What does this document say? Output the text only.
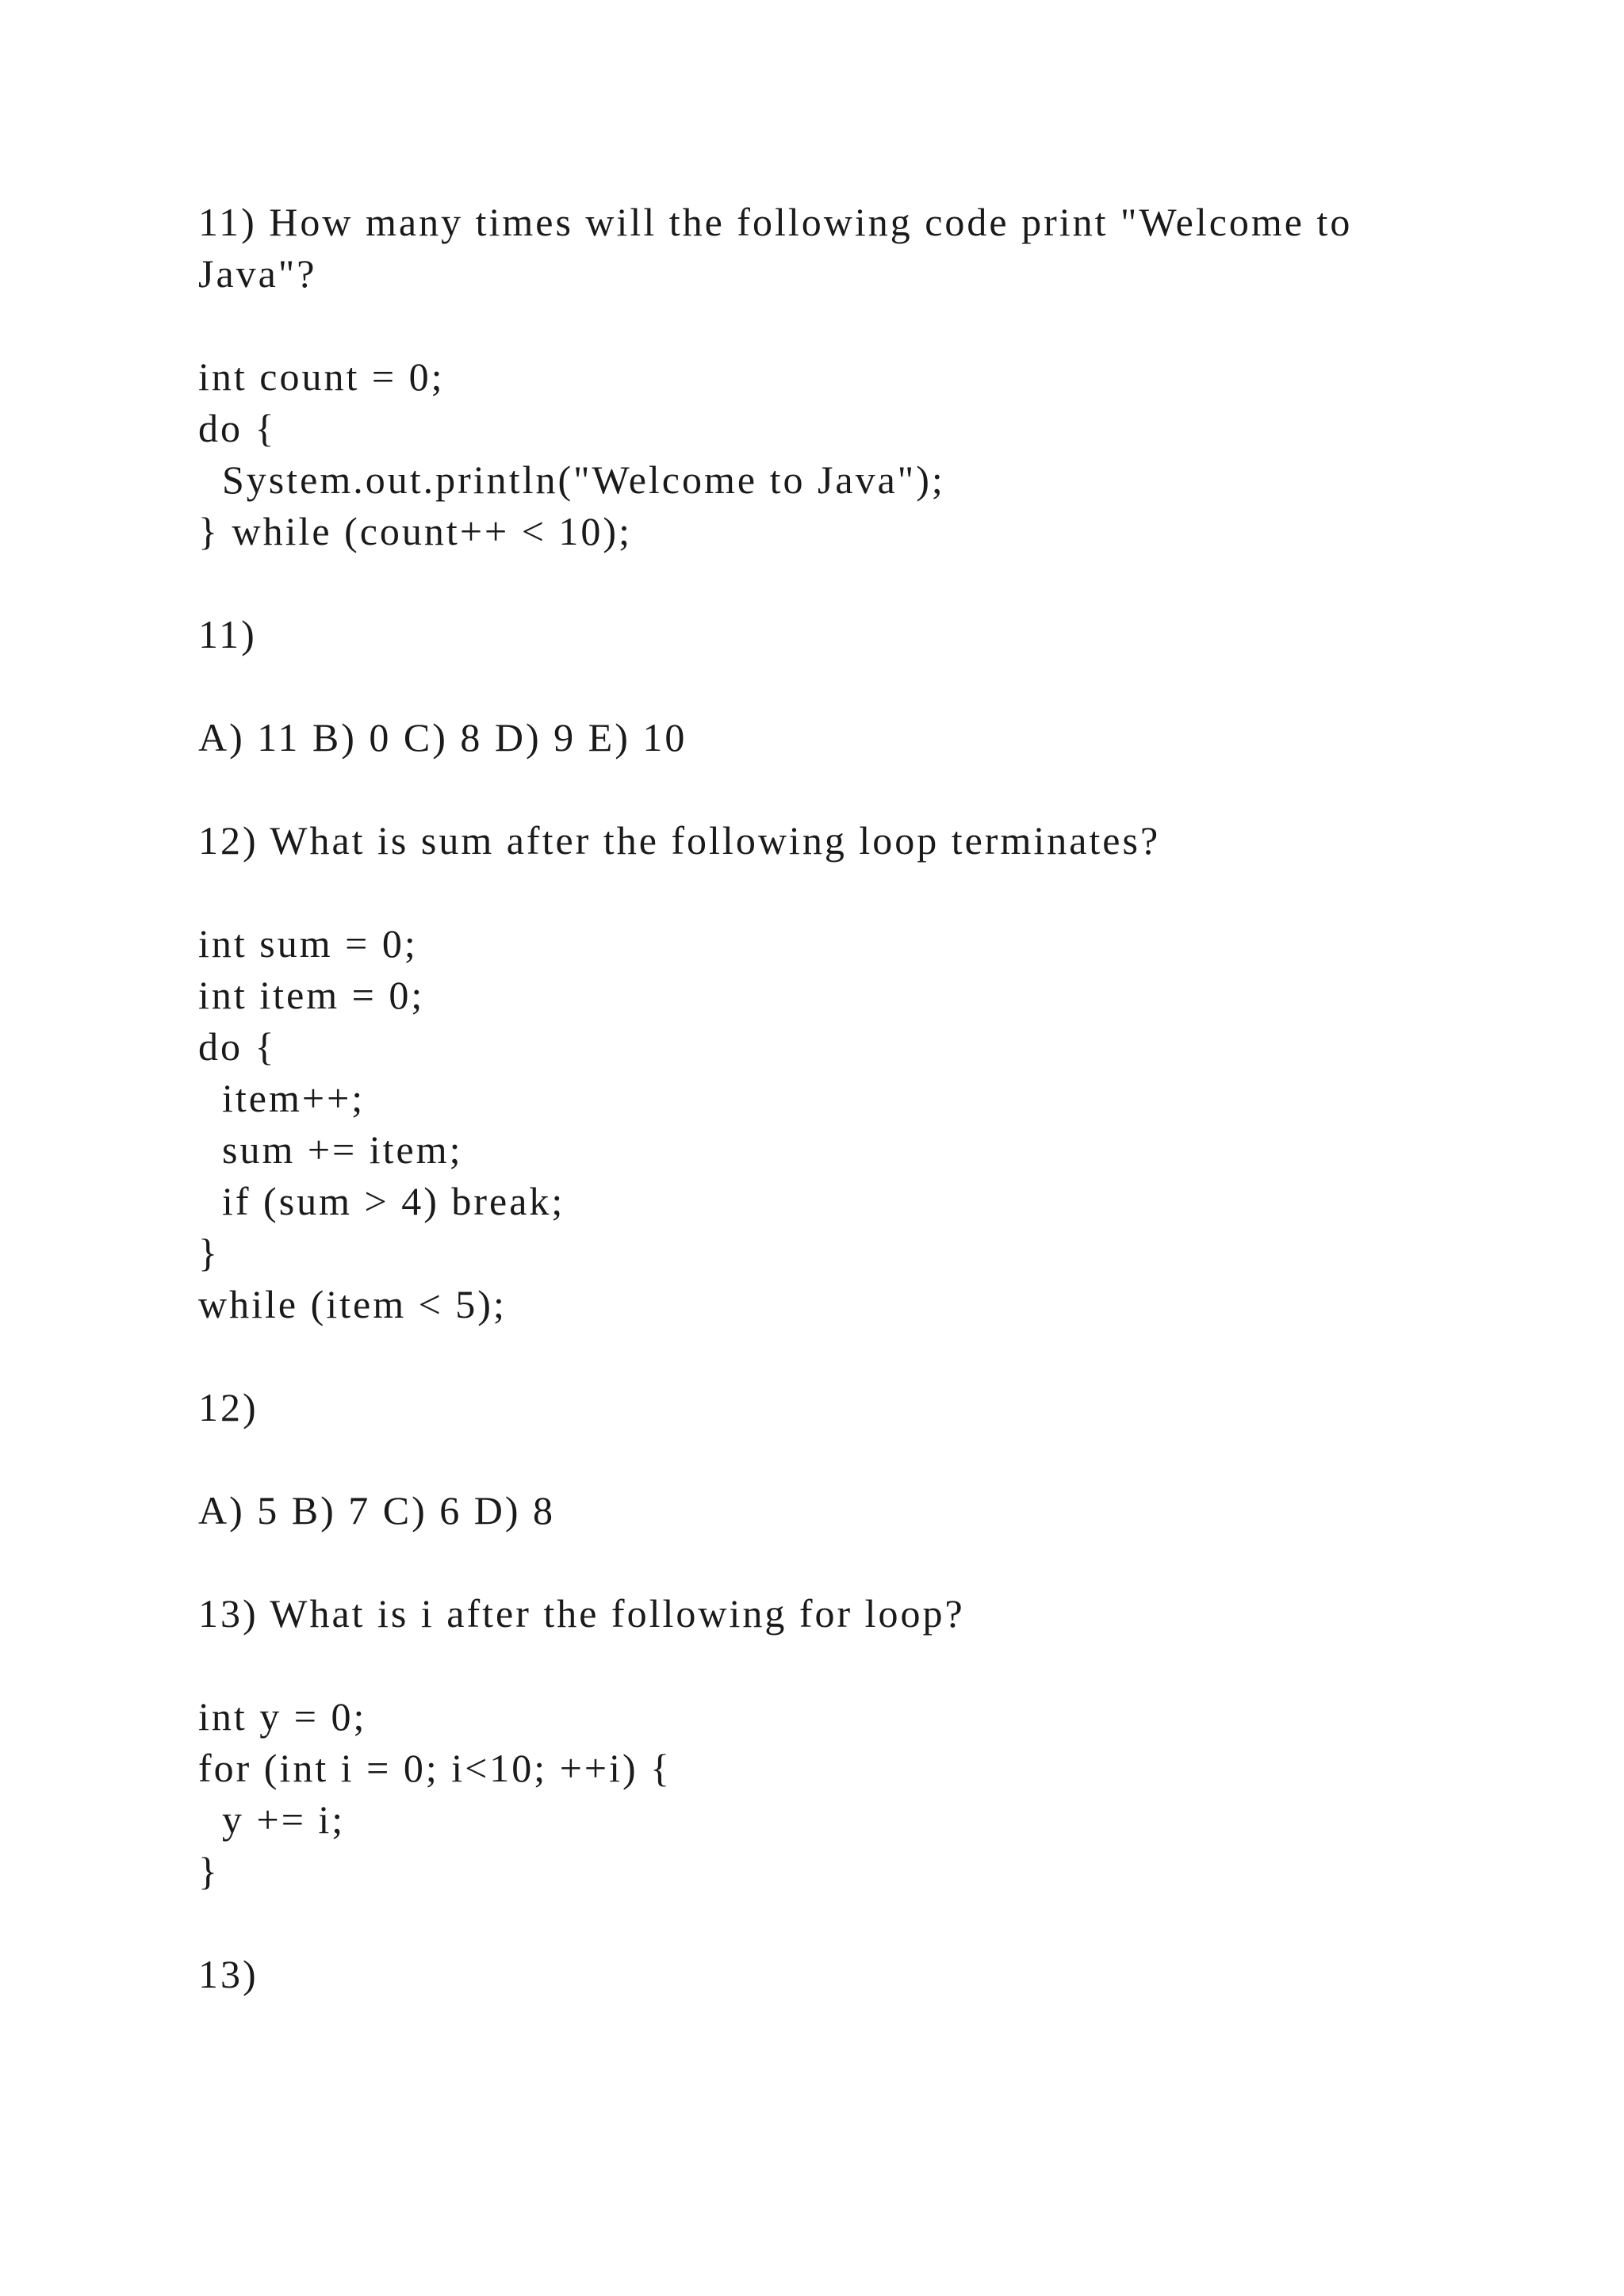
11) How many times will the following code print "Welcome to

Java"?

int count = 0;

do {

System.out.println("Welcome to Java");

} while (count++ < 10);

11)

A) 11 B) 0 C) 8 D) 9 E) 10

12) What is sum after the following loop terminates?

int sum = 0;

int item = 0;

do {

item++;

sum += item;

if (sum > 4) break;

}

while (item < 5);

12)

A) 5 B) 7 C) 6 D) 8

13) What is i after the following for loop?

int y = 0;

for (int i = 0; i<10; ++i) {

y += i;

}

13)
